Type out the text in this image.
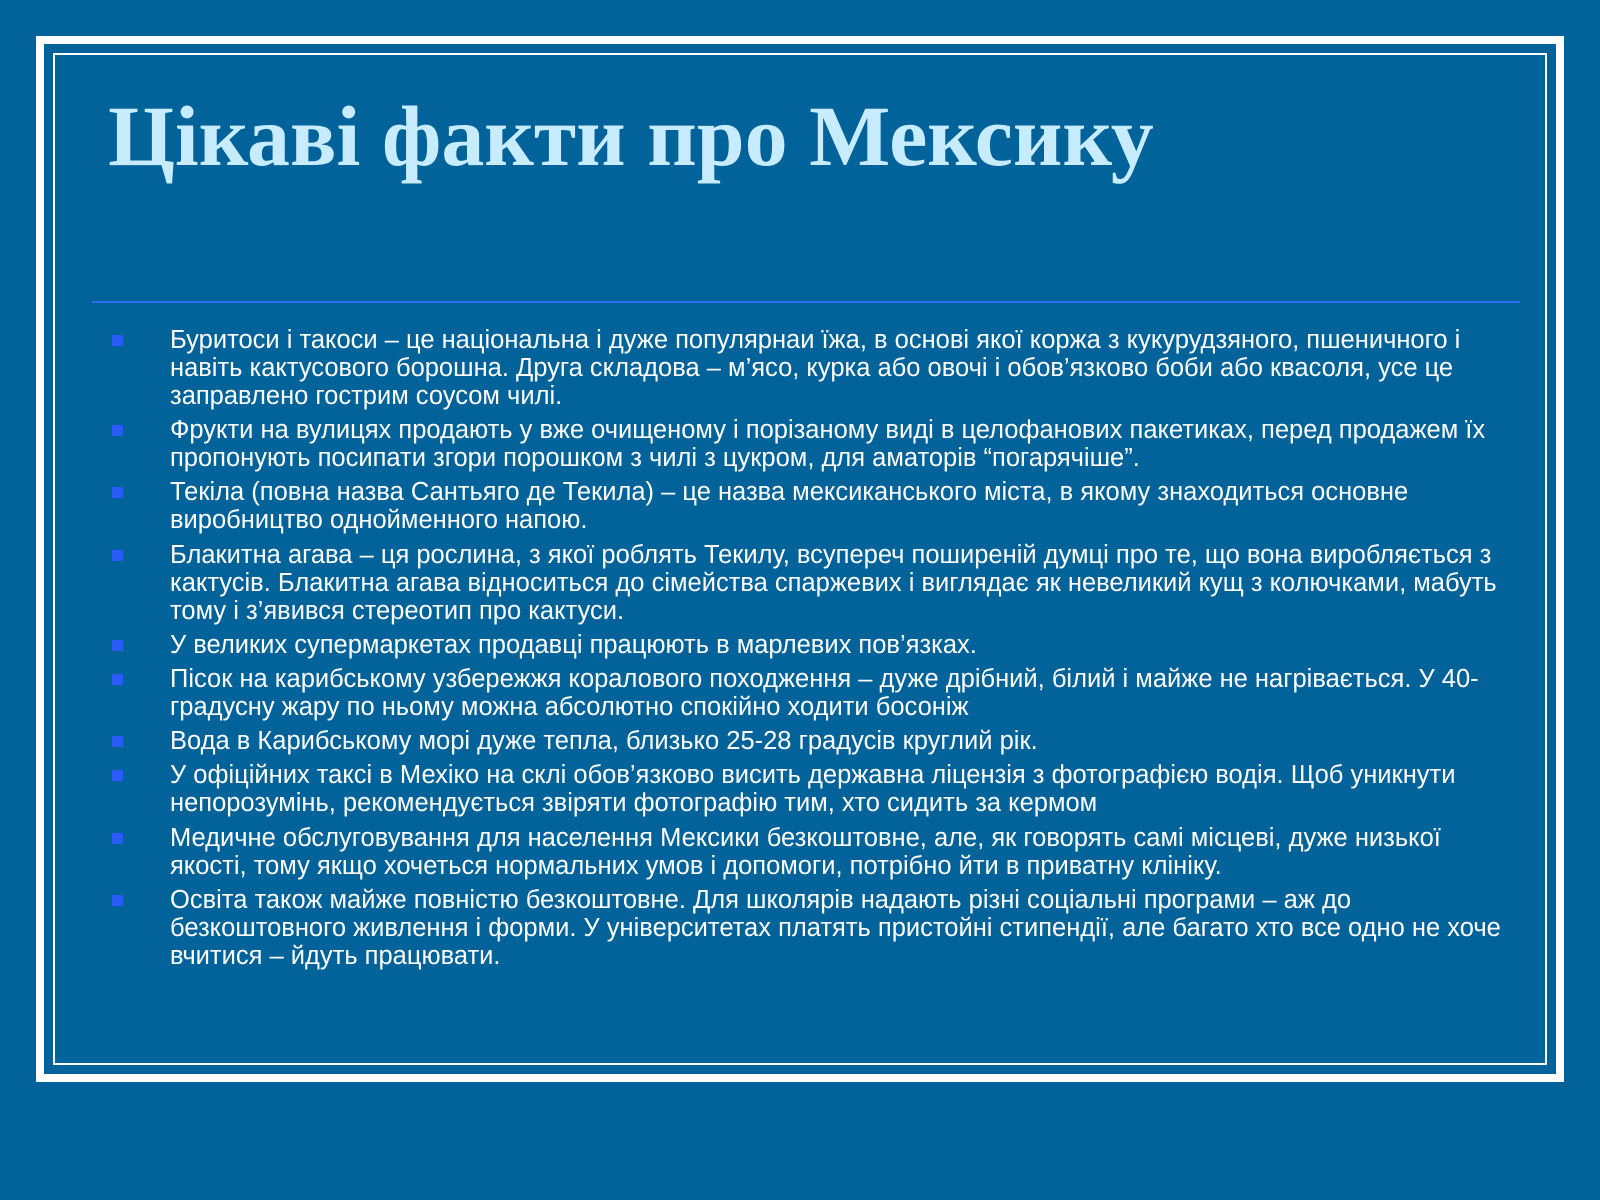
Цікаві факти про Мексику
Буритоси і такоси – це національна і дуже популярнаи їжа, в основі якої коржа з кукурудзяного, пшеничного і навіть кактусового борошна. Друга складова – м’ясо, курка або овочі і обов’язково боби або квасоля, усе це заправлено гострим соусом чилі.
Фрукти на вулицях продають у вже очищеному і порізаному виді в целофанових пакетиках, перед продажем їх пропонують посипати згори порошком з чилі з цукром, для аматорів “погарячіше”.
Текіла (повна назва Сантьяго де Текила) – це назва мексиканського міста, в якому знаходиться основне виробництво однойменного напою.
Блакитна агава – ця рослина, з якої роблять Текилу, всупереч поширеній думці про те, що вона виробляється з кактусів. Блакитна агава відноситься до сімейства спаржевих і виглядає як невеликий кущ з колючками, мабуть тому і з’явився стереотип про кактуси.
У великих супермаркетах продавці працюють в марлевих пов’язках.
Пісок на карибському узбережжя коралового походження – дуже дрібний, білий і майже не нагрівається. У 40-градусну жару по ньому можна абсолютно спокійно ходити босоніж
Вода в Карибському морі дуже тепла, близько 25-28 градусів круглий рік.
У офіційних таксі в Мехіко на склі обов’язково висить державна ліцензія з фотографією водія. Щоб уникнути непорозумінь, рекомендується звіряти фотографію тим, хто сидить за кермом
Медичне обслуговування для населення Мексики безкоштовне, але, як говорять самі місцеві, дуже низької якості, тому якщо хочеться нормальних умов і допомоги, потрібно йти в приватну клініку.
Освіта також майже повністю безкоштовне. Для школярів надають різні соціальні програми – аж до безкоштовного живлення і форми. У університетах платять пристойні стипендії, але багато хто все одно не хоче вчитися – йдуть працювати.
